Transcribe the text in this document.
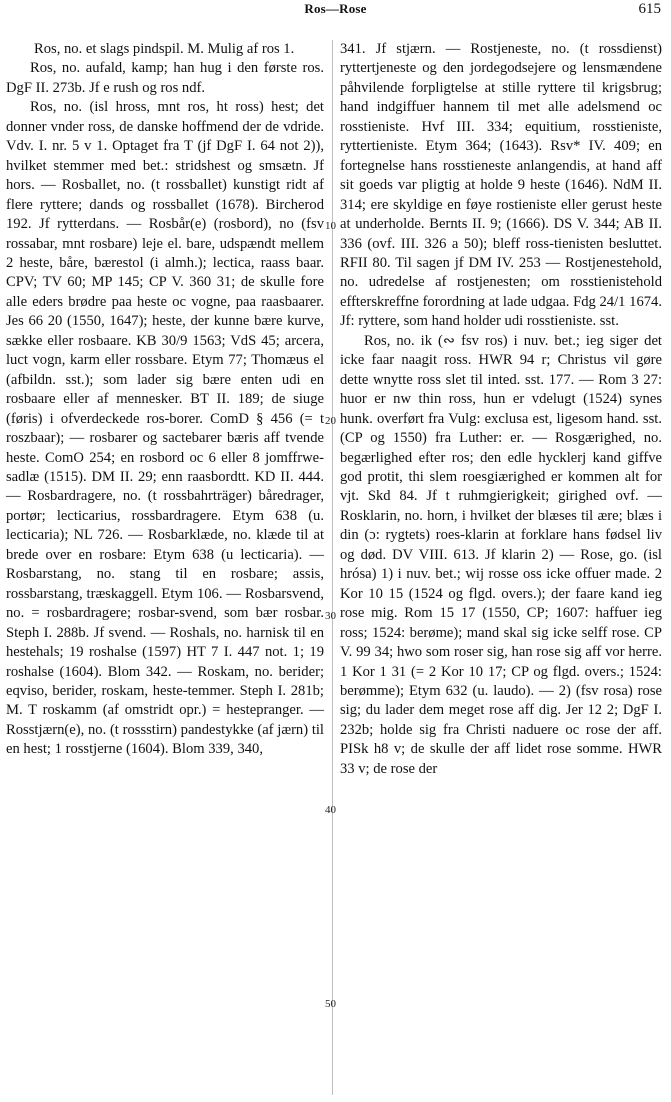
Ros—Rose	615
10
20
30
40
50

Ros, no. et slags pindspil. M. Mulig af ros 1.

Ros, no. aufald, kamp; han hug i den første ros. DgF II. 273b. Jf e rush og ros ndf.

Ros, no. (isl hross, mnt ros, ht ross) hest; det donner vnder ross, de danske hoffmend der de vdride. Vdv. I. nr. 5 v 1. Optaget fra T (jf DgF I. 64 not 2)), hvilket stemmer med bet.: stridshest og smsætn. Jf hors. — Rosballet, no. (t rossballet) kunstigt ridt af flere ryttere; dands og rossballet (1678). Bircherod 192. Jf rytterdans. — Rosbår(e) (rosbord), no (fsv rossabar, mnt rosbare) leje el. bare, udspændt mellem 2 heste, båre, bærestol (i almh.); lectica, raass baar. CPV; TV 60; MP 145; CP V. 360 31; de skulle fore alle eders brødre paa heste oc vogne, paa raasbaarer. Jes 66 20 (1550, 1647); heste, der kunne bære kurve, sække eller rosbaare. KB 30/9 1563; VdS 45; arcera, luct vogn, karm eller rossbare. Etym 77; Thomæus el (afbildn. sst.); som lader sig bære enten udi en rosbaare eller af mennesker. BT II. 189; de siuge (føris) i ofverdeckede ros-borer. ComD § 456 (= t roszbaar); — rosbarer og sactebarer bæris aff tvende heste. ComO 254; en rosbord oc 6 eller 8 jomffrwe-sadlæ (1515). DM II. 29; enn raasbordtt. KD II. 444. — Rosbardragere, no. (t rossbahrträger) båredrager, portør; lecticarius, rossbardragere. Etym 638 (u. lecticaria); NL 726. — Rosbarklæde, no. klæde til at brede over en rosbare: Etym 638 (u lecticaria). — Rosbarstang, no. stang til en rosbare; assis, rossbarstang, træskaggell. Etym 106. — Rosbarsvend, no. = rosbardragere; rosbar-svend, som bær rosbar. Steph I. 288b. Jf svend. — Roshals, no. harnisk til en hestehals; 19 roshalse (1597) HT 7 I. 447 not. 1; 19 roshalse (1604). Blom 342. — Roskam, no. berider; eqviso, berider, roskam, heste-temmer. Steph I. 281b; M. T roskamm (af omstridt opr.) = hestepranger. — Rosstjærn(e), no. (t rossstirn) pandestykke (af jærn) til en hest; 1 rosstjerne (1604). Blom 339, 340,

341. Jf stjærn. — Rostjeneste, no. (t rossdienst) ryttertjeneste og den jordegodsejere og lensmændene påhvilende forpligtelse at stille ryttere til krigsbrug; hand indgiffuer hannem til met alle adelsmend oc rosstieniste. Hvf III. 334; equitium, rosstieniste, ryttertieniste. Etym 364; (1643). Rsv* IV. 409; en fortegnelse hans rosstieneste anlangendis, at hand aff sit goeds var pligtig at holde 9 heste (1646). NdM II. 314; ere skyldige en føye rostieniste eller gerust heste at underholde. Bernts II. 9; (1666). DS V. 344; AB II. 336 (ovf. III. 326 a 50); bleff ross-tienisten besluttet. RFII 80. Til sagen jf DM IV. 253 — Rostjenestehold, no. udredelse af rostjenesten; om rosstienistehold effterskreffne forordning at lade udgaa. Fdg 24/1 1674. Jf: ryttere, som hand holder udi rosstieniste. sst.

Ros, no. ik (∾ fsv ros) i nuv. bet.; ieg siger det icke faar naagit ross. HWR 94 r; Christus vil gøre dette wnytte ross slet til inted. sst. 177. — Rom 3 27: huor er nw thin ross, hun er vdelugt (1524) synes hunk. overført fra Vulg: exclusa est, ligesom hand. sst. (CP og 1550) fra Luther: er. — Rosgærighed, no. begærlighed efter ros; den edle hycklerj kand giffve god protit, thi slem roesgiærighed er kommen alt for vjt. Skd 84. Jf t ruhmgierigkeit; girighed ovf. — Rosklarin, no. horn, i hvilket der blæses til ære; blæs i din (ɔ: rygtets) roes-klarin at forklare hans fødsel liv og død. DV VIII. 613. Jf klarin 2) — Rose, go. (isl hrósa) 1) i nuv. bet.; wij rosse oss icke offuer made. 2 Kor 10 15 (1524 og flgd. overs.); der faare kand ieg rose mig. Rom 15 17 (1550, CP; 1607: haffuer ieg ross; 1524: berøme); mand skal sig icke selff rose. CP V. 99 34; hwo som roser sig, han rose sig aff vor herre. 1 Kor 1 31 (= 2 Kor 10 17; CP og flgd. overs.; 1524: berømme); Etym 632 (u. laudo). — 2) (fsv rosa) rose sig; du lader dem meget rose aff dig. Jer 12 2; DgF I. 232b; holde sig fra Christi naduere oc rose der aff. PISk h8 v; de skulle der aff lidet rose somme. HWR 33 v; de rose der
